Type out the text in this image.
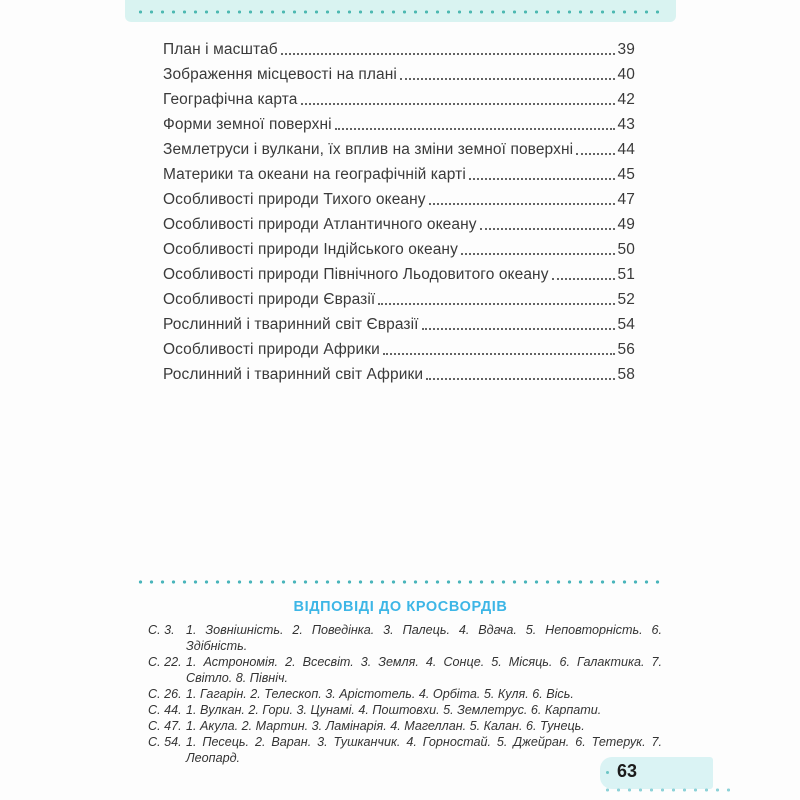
План і масштаб	39
Зображення місцевості на плані	40
Географічна карта	42
Форми земної поверхні	43
Землетруси і вулкани, їх вплив на зміни земної поверхні	44
Материки та океани на географічній карті	45
Особливості природи Тихого океану	47
Особливості природи Атлантичного океану	49
Особливості природи Індійського океану	50
Особливості природи Північного Льодовитого океану	51
Особливості природи Євразії	52
Рослинний і тваринний світ Євразії	54
Особливості природи Африки	56
Рослинний і тваринний світ Африки	58
ВІДПОВІДІ ДО КРОСВОРДІВ
С. 3. 1. Зовнішність. 2. Поведінка. 3. Палець. 4. Вдача. 5. Неповторність. 6. Здібність.
С. 22. 1. Астрономія. 2. Всесвіт. 3. Земля. 4. Сонце. 5. Місяць. 6. Галактика. 7. Світло. 8. Північ.
С. 26. 1. Гагарін. 2. Телескоп. 3. Арістотель. 4. Орбіта. 5. Куля. 6. Вісь.
С. 44. 1. Вулкан. 2. Гори. 3. Цунамі. 4. Поштовхи. 5. Землетрус. 6. Карпати.
С. 47. 1. Акула. 2. Мартин. 3. Ламінарія. 4. Магеллан. 5. Калан. 6. Тунець.
С. 54. 1. Песець. 2. Варан. 3. Тушканчик. 4. Горностай. 5. Джейран. 6. Тетерук. 7. Леопард.
63
